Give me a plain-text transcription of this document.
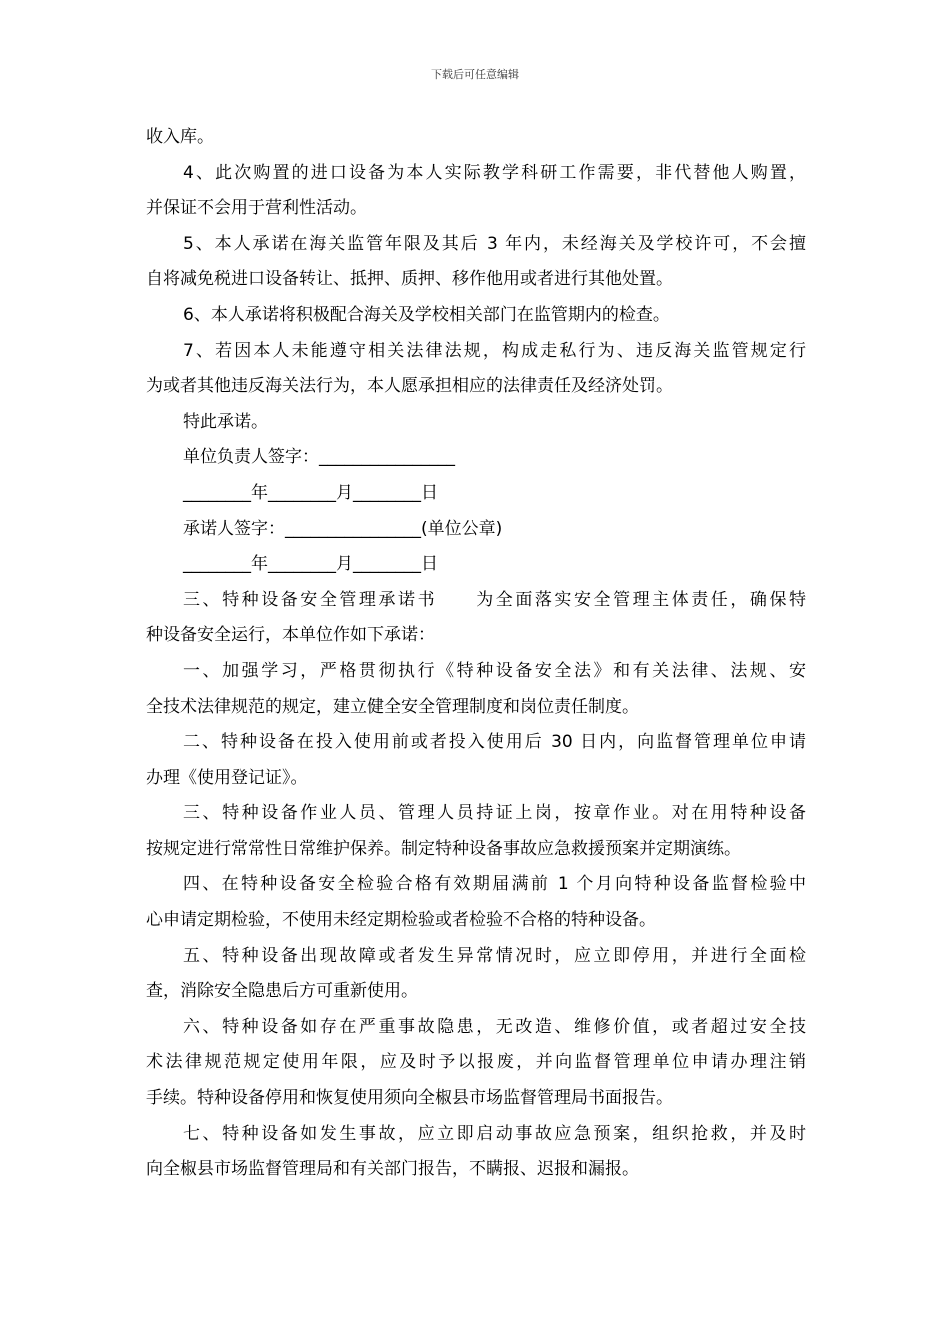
下载后可任意编辑
收入库。
4、此次购置的进口设备为本人实际教学科研工作需要，非代替他人购置，
并保证不会用于营利性活动。
5、本人承诺在海关监管年限及其后 3 年内，未经海关及学校许可，不会擅
自将减免税进口设备转让、抵押、质押、移作他用或者进行其他处置。
6、本人承诺将积极配合海关及学校相关部门在监管期内的检查。
7、若因本人未能遵守相关法律法规，构成走私行为、违反海关监管规定行
为或者其他违反海关法行为，本人愿承担相应的法律责任及经济处罚。
特此承诺。
单位负责人签字：________________
________年________月________日
承诺人签字：________________(单位公章)
________年________月________日
三、特种设备安全管理承诺书　　为全面落实安全管理主体责任，确保特
种设备安全运行，本单位作如下承诺：
一、加强学习，严格贯彻执行《特种设备安全法》和有关法律、法规、安
全技术法律规范的规定，建立健全安全管理制度和岗位责任制度。
二、特种设备在投入使用前或者投入使用后 30 日内，向监督管理单位申请
办理《使用登记证》。
三、特种设备作业人员、管理人员持证上岗，按章作业。对在用特种设备
按规定进行常常性日常维护保养。制定特种设备事故应急救援预案并定期演练。
四、在特种设备安全检验合格有效期届满前 1 个月向特种设备监督检验中
心申请定期检验，不使用未经定期检验或者检验不合格的特种设备。
五、特种设备出现故障或者发生异常情况时，应立即停用，并进行全面检
查，消除安全隐患后方可重新使用。
六、特种设备如存在严重事故隐患，无改造、维修价值，或者超过安全技
术法律规范规定使用年限，应及时予以报废，并向监督管理单位申请办理注销
手续。特种设备停用和恢复使用须向全椒县市场监督管理局书面报告。
七、特种设备如发生事故，应立即启动事故应急预案，组织抢救，并及时
向全椒县市场监督管理局和有关部门报告，不瞒报、迟报和漏报。
